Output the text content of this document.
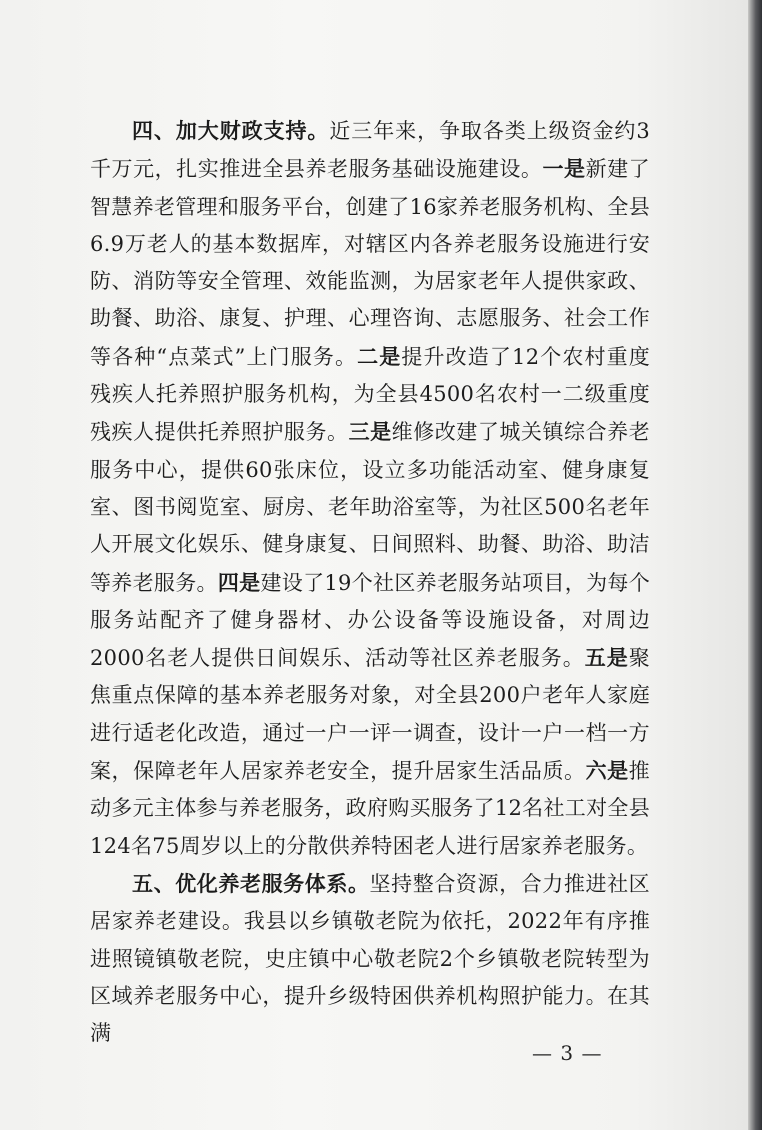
四、加大财政支持。近三年来，争取各类上级资金约3千万元，扎实推进全县养老服务基础设施建设。一是新建了智慧养老管理和服务平台，创建了16家养老服务机构、全县6.9万老人的基本数据库，对辖区内各养老服务设施进行安防、消防等安全管理、效能监测，为居家老年人提供家政、助餐、助浴、康复、护理、心理咨询、志愿服务、社会工作等各种“点菜式”上门服务。二是提升改造了12个农村重度残疾人托养照护服务机构，为全县4500名农村一二级重度残疾人提供托养照护服务。三是维修改建了城关镇综合养老服务中心，提供60张床位，设立多功能活动室、健身康复室、图书阅览室、厨房、老年助浴室等，为社区500名老年人开展文化娱乐、健身康复、日间照料、助餐、助浴、助洁等养老服务。四是建设了19个社区养老服务站项目，为每个服务站配齐了健身器材、办公设备等设施设备，对周边2000名老人提供日间娱乐、活动等社区养老服务。五是聚焦重点保障的基本养老服务对象，对全县200户老年人家庭进行适老化改造，通过一户一评一调查，设计一户一档一方案，保障老年人居家养老安全，提升居家生活品质。六是推动多元主体参与养老服务，政府购买服务了12名社工对全县124名75周岁以上的分散供养特困老人进行居家养老服务。

五、优化养老服务体系。坚持整合资源，合力推进社区居家养老建设。我县以乡镇敬老院为依托，2022年有序推进照镜镇敬老院，史庄镇中心敬老院2个乡镇敬老院转型为区域养老服务中心，提升乡级特困供养机构照护能力。在其满

— 3 —
